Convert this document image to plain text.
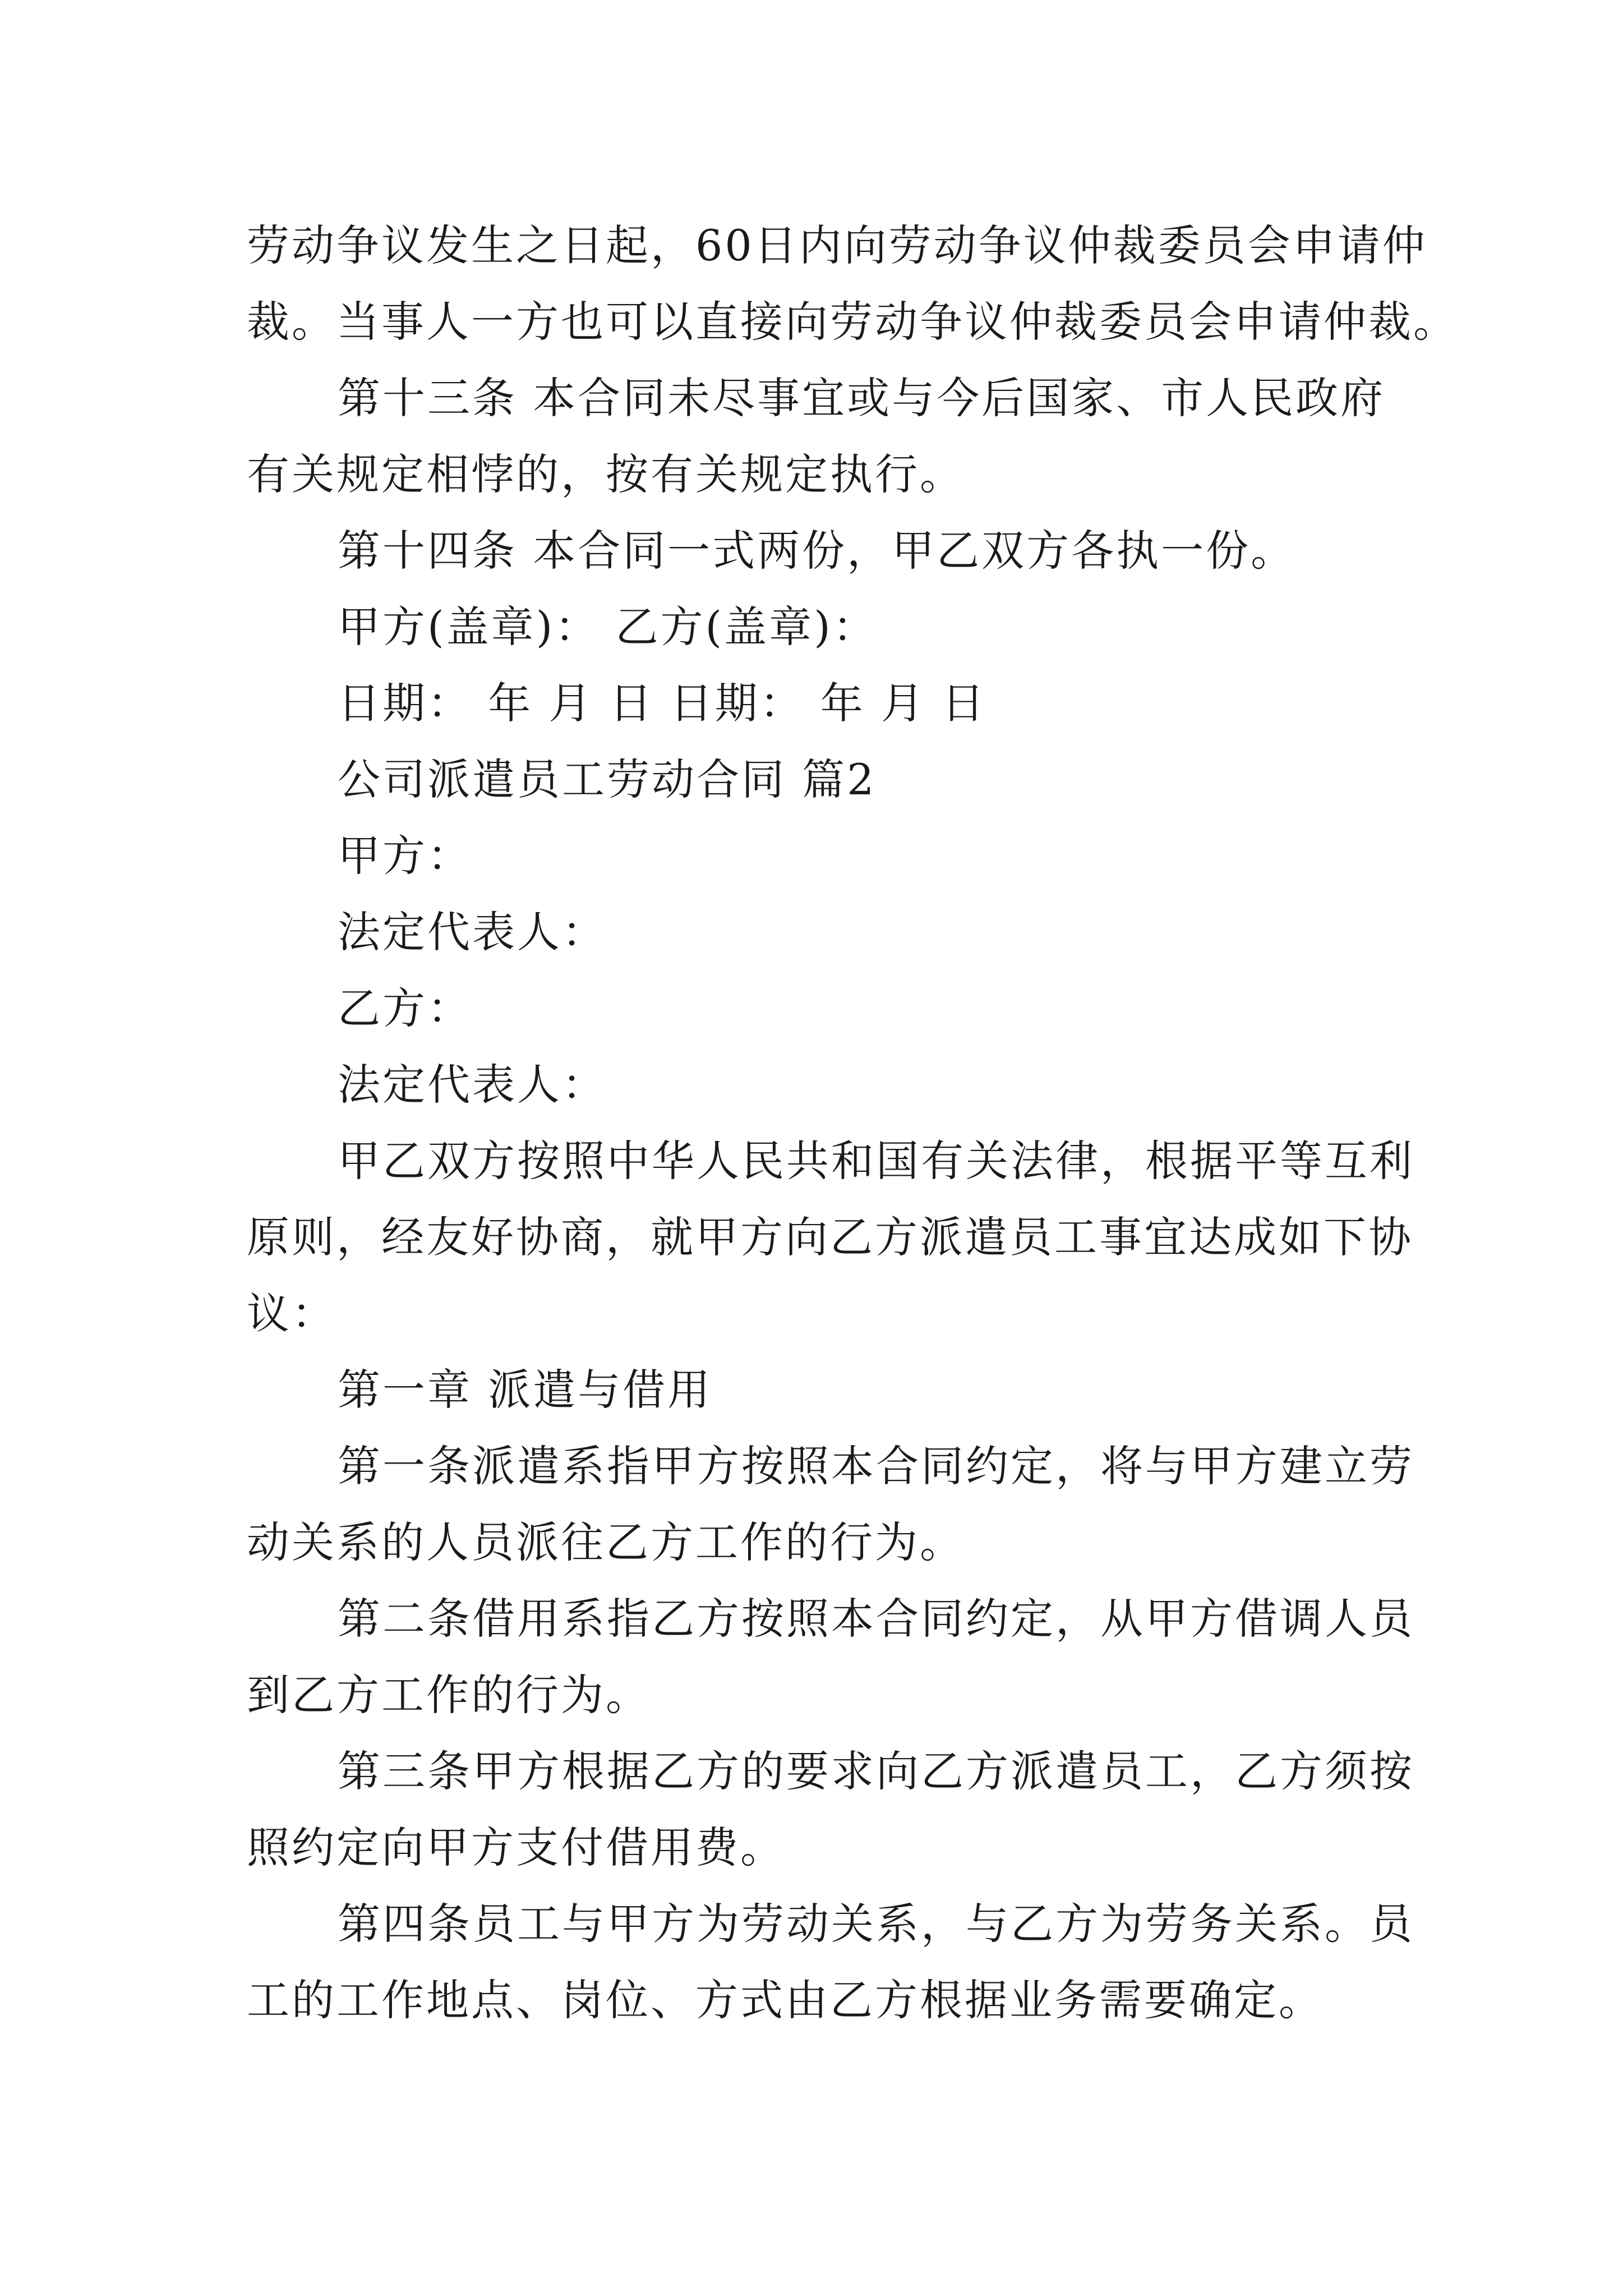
劳动争议发生之日起，60日内向劳动争议仲裁委员会申请仲
裁。当事人一方也可以直接向劳动争议仲裁委员会申请仲裁。
第十三条 本合同未尽事宜或与今后国家、市人民政府
有关规定相悖的，按有关规定执行。
第十四条 本合同一式两份，甲乙双方各执一份。
甲方(盖章)： 乙方(盖章)：
日期： 年 月 日 日期： 年 月 日
公司派遣员工劳动合同 篇2
甲方：
法定代表人：
乙方：
法定代表人：
甲乙双方按照中华人民共和国有关法律，根据平等互利
原则，经友好协商，就甲方向乙方派遣员工事宜达成如下协
议：
第一章 派遣与借用
第一条派遣系指甲方按照本合同约定，将与甲方建立劳
动关系的人员派往乙方工作的行为。
第二条借用系指乙方按照本合同约定，从甲方借调人员
到乙方工作的行为。
第三条甲方根据乙方的要求向乙方派遣员工，乙方须按
照约定向甲方支付借用费。
第四条员工与甲方为劳动关系，与乙方为劳务关系。员
工的工作地点、岗位、方式由乙方根据业务需要确定。
